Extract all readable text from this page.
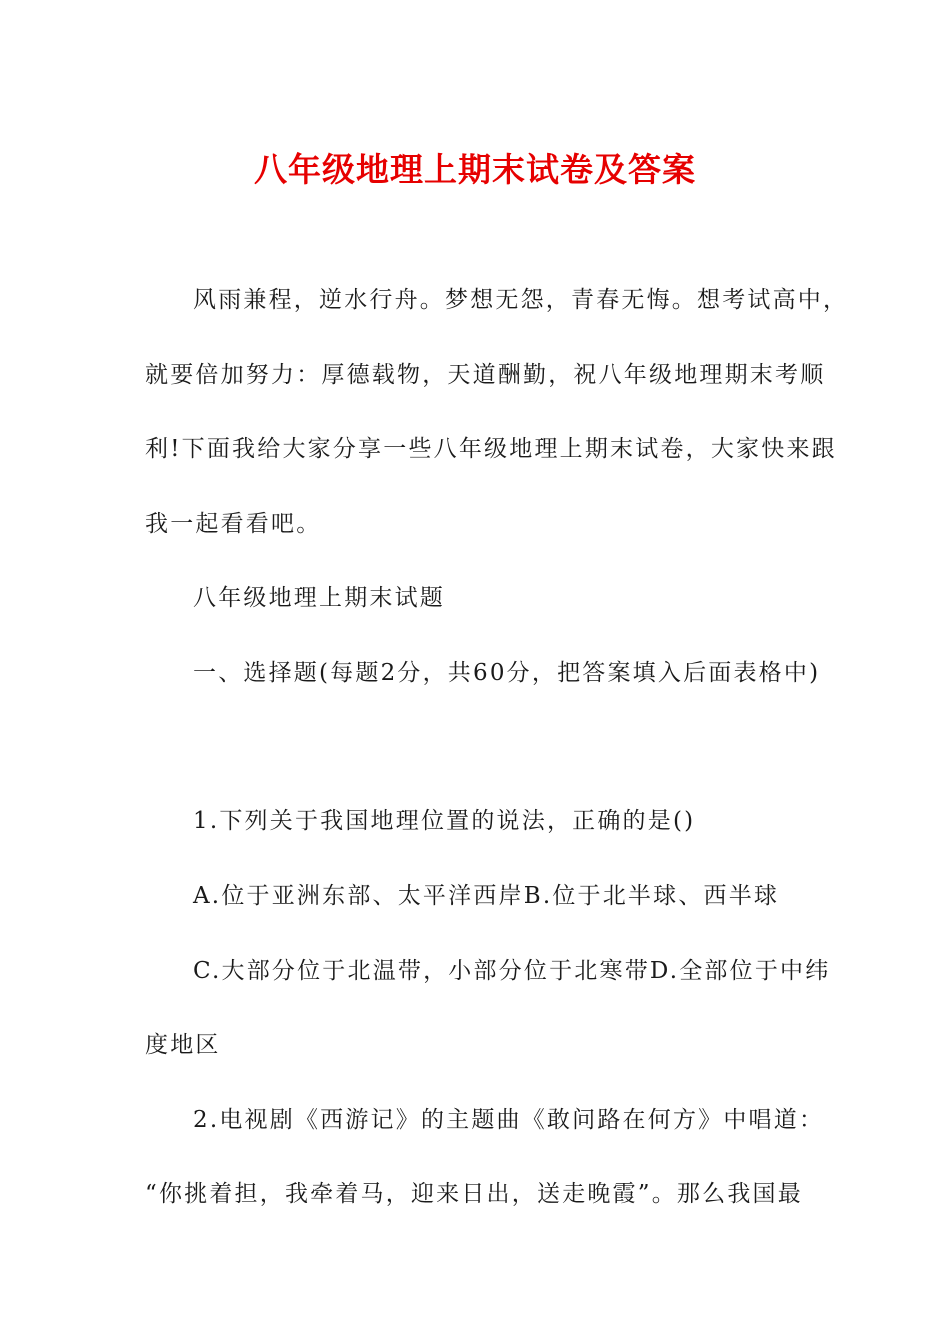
八年级地理上期末试卷及答案
风雨兼程，逆水行舟。梦想无怨，青春无悔。想考试高中，
就要倍加努力：厚德载物，天道酬勤，祝八年级地理期末考顺
利!下面我给大家分享一些八年级地理上期末试卷，大家快来跟
我一起看看吧。
八年级地理上期末试题
一、选择题(每题2分，共60分，把答案填入后面表格中)
1.下列关于我国地理位置的说法，正确的是()
A.位于亚洲东部、太平洋西岸B.位于北半球、西半球
C.大部分位于北温带，小部分位于北寒带D.全部位于中纬
度地区
2.电视剧《西游记》的主题曲《敢问路在何方》中唱道：
“你挑着担，我牵着马，迎来日出，送走晚霞”。那么我国最
